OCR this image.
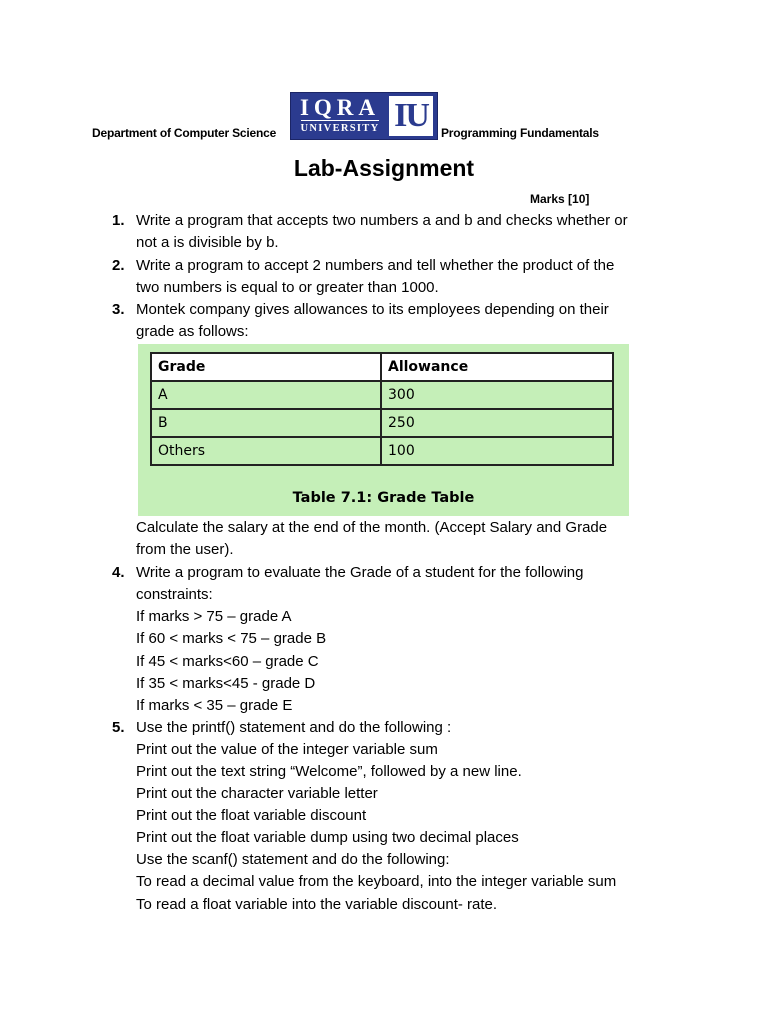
Department of Computer Science
IQRA
UNIVERSITY IU	Programming Fundamentals
Lab-Assignment
Marks [10]
1. Write a program that accepts two numbers a and b and checks whether or
not a is divisible by b.
2. Write a program to accept 2 numbers and tell whether the product of the
two numbers is equal to or greater than 1000.
3. Montek company gives allowances to its employees depending on their
grade as follows:
Grade	Allowance
A	300
B	250
Others	100
Table 7.1: Grade Table
Calculate the salary at the end of the month. (Accept Salary and Grade
from the user).
4. Write a program to evaluate the Grade of a student for the following
constraints:
If marks > 75 – grade A
If 60 < marks < 75 – grade B
If 45 < marks<60 – grade C
If 35 < marks<45 - grade D
If marks < 35 – grade E
5. Use the printf() statement and do the following :
Print out the value of the integer variable sum
Print out the text string “Welcome”, followed by a new line.
Print out the character variable letter
Print out the float variable discount
Print out the float variable dump using two decimal places
Use the scanf() statement and do the following:
To read a decimal value from the keyboard, into the integer variable sum
To read a float variable into the variable discount- rate.
